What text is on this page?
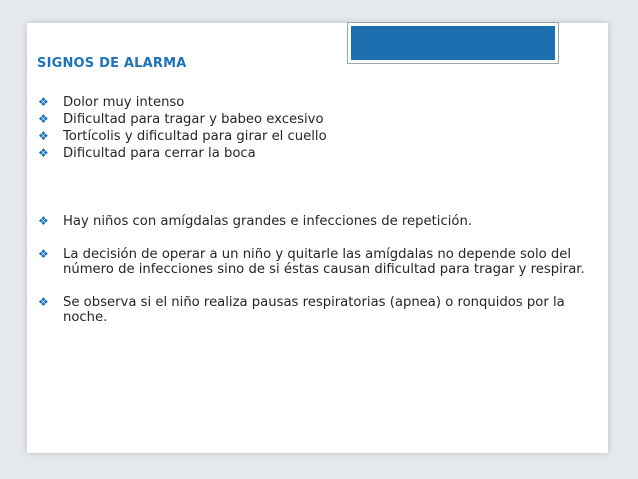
SIGNOS DE ALARMA
❖ Dolor muy intenso
❖ Dificultad para tragar y babeo excesivo
❖ Tortícolis y dificultad para girar el cuello
❖ Dificultad para cerrar la boca
❖ Hay niños con amígdalas grandes e infecciones de repetición.
❖ La decisión de operar a un niño y quitarle las amígdalas no depende solo del número de infecciones sino de si éstas causan dificultad para tragar y respirar.
❖ Se observa si el niño realiza pausas respiratorias (apnea) o ronquidos por la noche.
